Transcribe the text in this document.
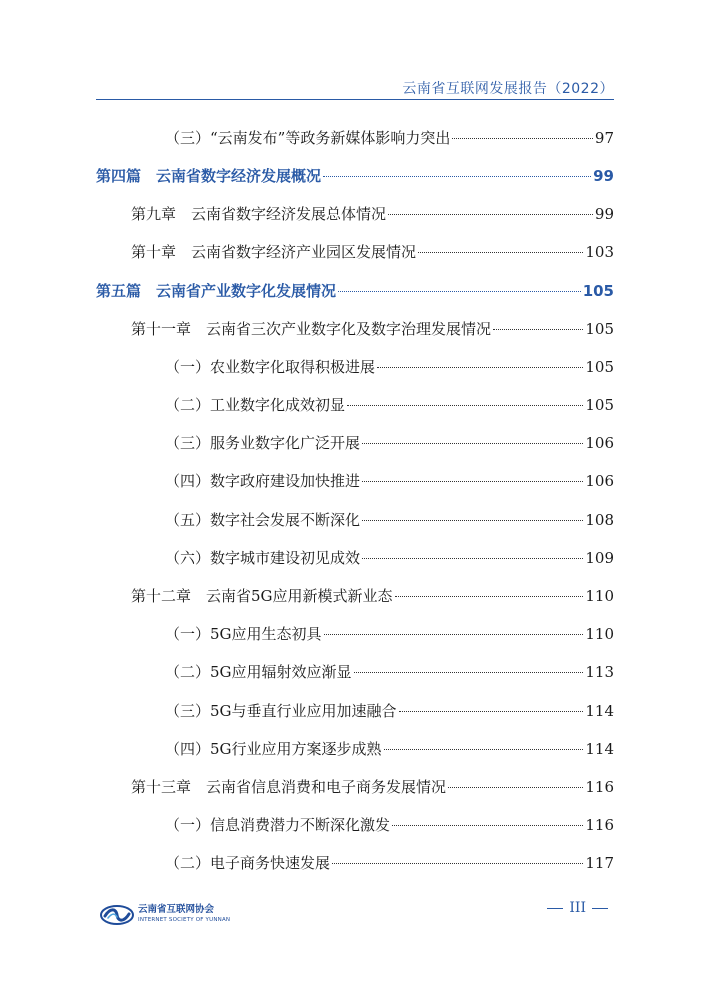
云南省互联网发展报告（2022）
（三）“云南发布”等政务新媒体影响力突出	97
第四篇　云南省数字经济发展概况	99
第九章　云南省数字经济发展总体情况	99
第十章　云南省数字经济产业园区发展情况	103
第五篇　云南省产业数字化发展情况	105
第十一章　云南省三次产业数字化及数字治理发展情况	105
（一）农业数字化取得积极进展	105
（二）工业数字化成效初显	105
（三）服务业数字化广泛开展	106
（四）数字政府建设加快推进	106
（五）数字社会发展不断深化	108
（六）数字城市建设初见成效	109
第十二章　云南省5G应用新模式新业态	110
（一）5G应用生态初具	110
（二）5G应用辐射效应渐显	113
（三）5G与垂直行业应用加速融合	114
（四）5G行业应用方案逐步成熟	114
第十三章　云南省信息消费和电子商务发展情况	116
（一）信息消费潜力不断深化激发	116
（二）电子商务快速发展	117
云南省互联网协会
INTERNET SOCIETY OF YUNNAN
III
